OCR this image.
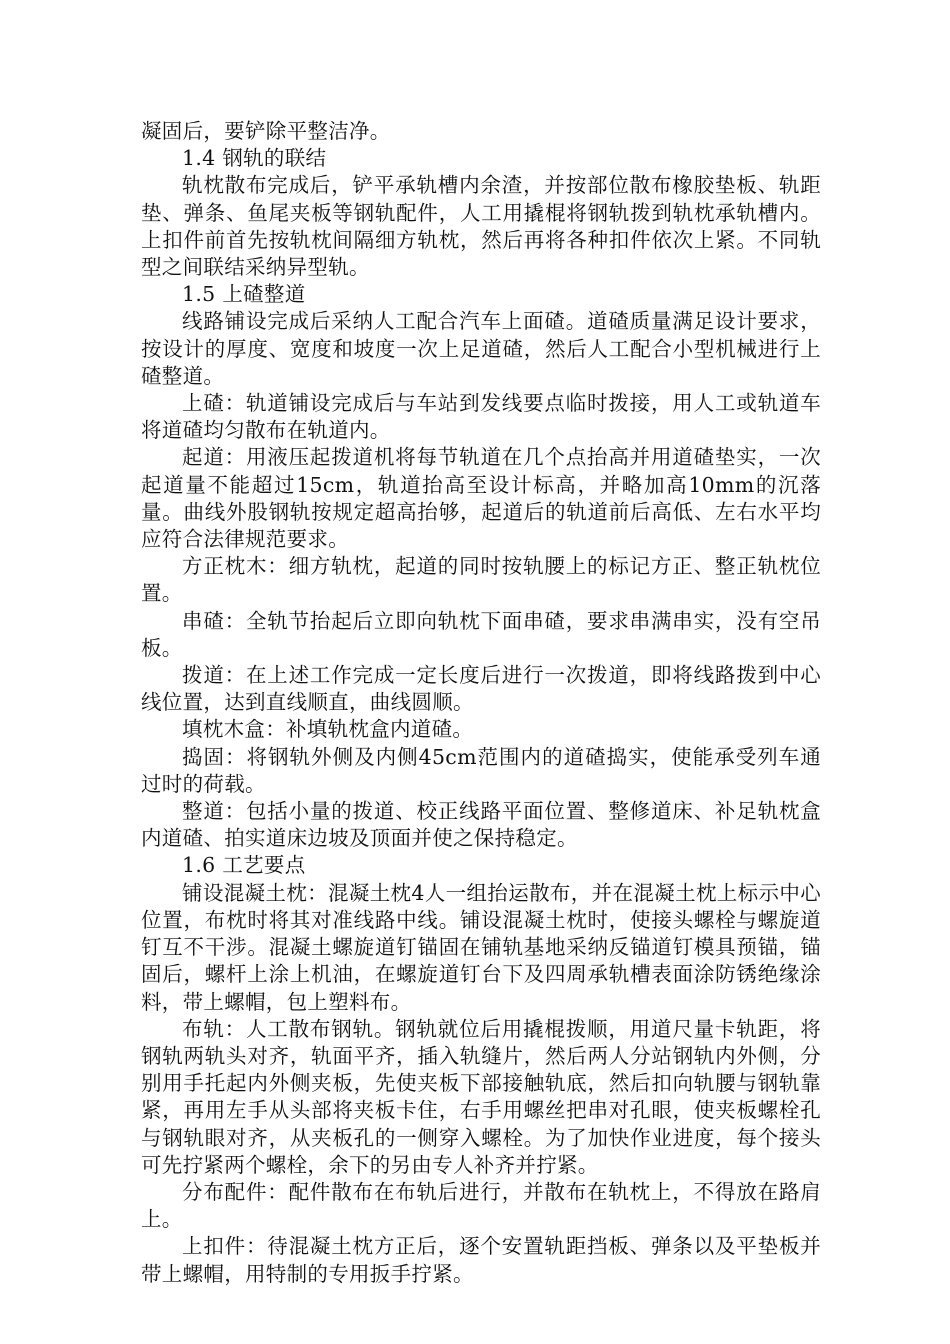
凝固后，要铲除平整洁净。

1.4 钢轨的联结

轨枕散布完成后，铲平承轨槽内余渣，并按部位散布橡胶垫板、轨距垫、弹条、鱼尾夹板等钢轨配件，人工用撬棍将钢轨拨到轨枕承轨槽内。上扣件前首先按轨枕间隔细方轨枕，然后再将各种扣件依次上紧。不同轨型之间联结采纳异型轨。

1.5 上碴整道

线路铺设完成后采纳人工配合汽车上面碴。道碴质量满足设计要求，按设计的厚度、宽度和坡度一次上足道碴，然后人工配合小型机械进行上碴整道。

上碴：轨道铺设完成后与车站到发线要点临时拨接，用人工或轨道车将道碴均匀散布在轨道内。

起道：用液压起拨道机将每节轨道在几个点抬高并用道碴垫实，一次起道量不能超过15cm，轨道抬高至设计标高，并略加高10mm的沉落量。曲线外股钢轨按规定超高抬够，起道后的轨道前后高低、左右水平均应符合法律规范要求。

方正枕木：细方轨枕，起道的同时按轨腰上的标记方正、整正轨枕位置。

串碴：全轨节抬起后立即向轨枕下面串碴，要求串满串实，没有空吊板。

拨道：在上述工作完成一定长度后进行一次拨道，即将线路拨到中心线位置，达到直线顺直，曲线圆顺。

填枕木盒：补填轨枕盒内道碴。

捣固：将钢轨外侧及内侧45cm范围内的道碴捣实，使能承受列车通过时的荷载。

整道：包括小量的拨道、校正线路平面位置、整修道床、补足轨枕盒内道碴、拍实道床边坡及顶面并使之保持稳定。

1.6 工艺要点

铺设混凝土枕：混凝土枕4人一组抬运散布，并在混凝土枕上标示中心位置，布枕时将其对准线路中线。铺设混凝土枕时，使接头螺栓与螺旋道钉互不干涉。混凝土螺旋道钉锚固在铺轨基地采纳反锚道钉模具预锚，锚固后，螺杆上涂上机油，在螺旋道钉台下及四周承轨槽表面涂防锈绝缘涂料，带上螺帽，包上塑料布。

布轨：人工散布钢轨。钢轨就位后用撬棍拨顺，用道尺量卡轨距，将钢轨两轨头对齐，轨面平齐，插入轨缝片，然后两人分站钢轨内外侧，分别用手托起内外侧夹板，先使夹板下部接触轨底，然后扣向轨腰与钢轨靠紧，再用左手从头部将夹板卡住，右手用螺丝把串对孔眼，使夹板螺栓孔与钢轨眼对齐，从夹板孔的一侧穿入螺栓。为了加快作业进度，每个接头可先拧紧两个螺栓，余下的另由专人补齐并拧紧。

分布配件：配件散布在布轨后进行，并散布在轨枕上，不得放在路肩上。

上扣件：待混凝土枕方正后，逐个安置轨距挡板、弹条以及平垫板并带上螺帽，用特制的专用扳手拧紧。
